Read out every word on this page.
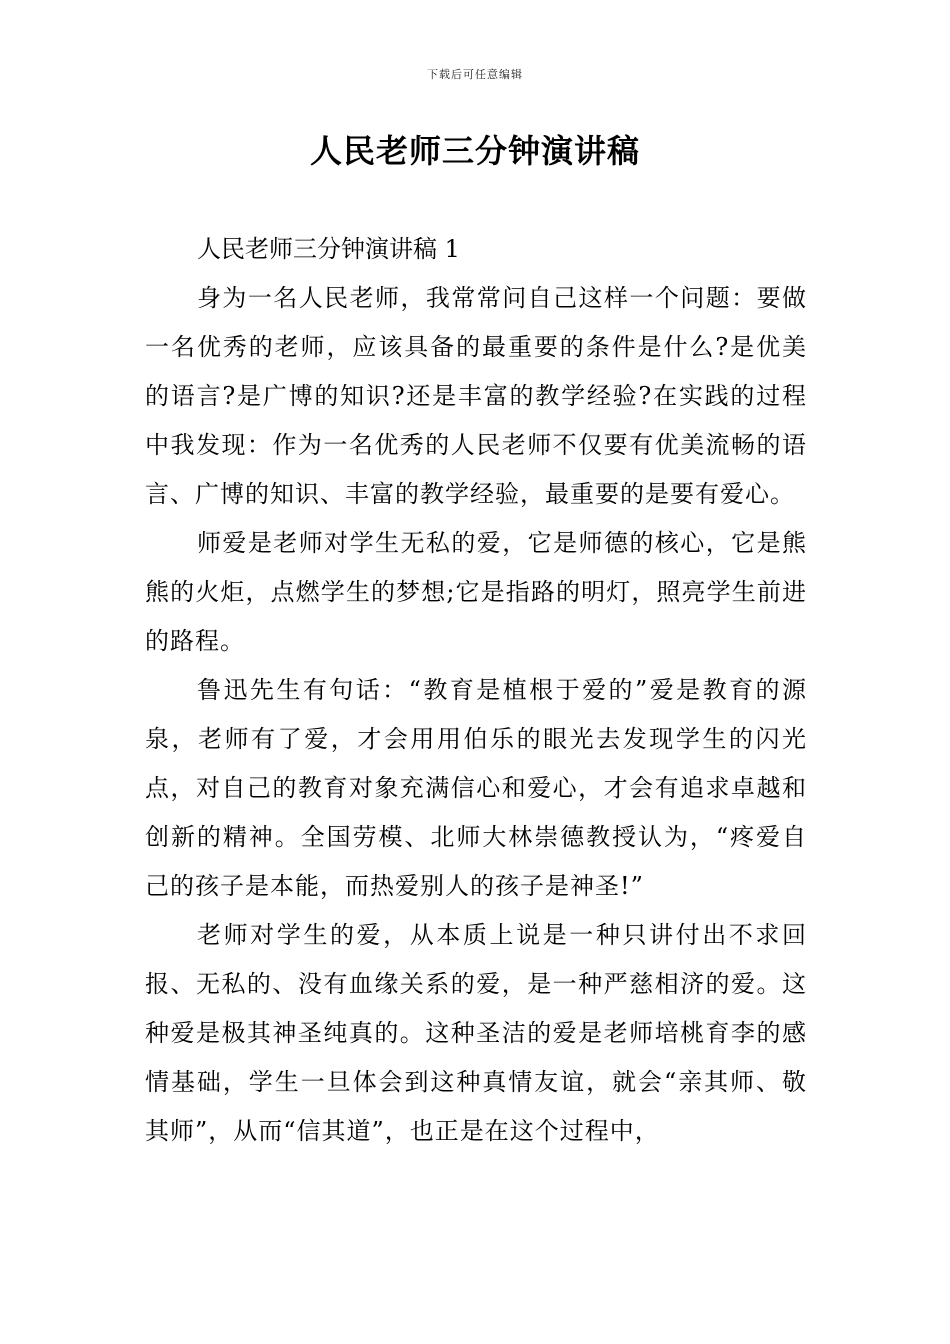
下载后可任意编辑
人民老师三分钟演讲稿

人民老师三分钟演讲稿 1

身为一名人民老师，我常常问自己这样一个问题：要做一名优秀的老师，应该具备的最重要的条件是什么?是优美的语言?是广博的知识?还是丰富的教学经验?在实践的过程中我发现：作为一名优秀的人民老师不仅要有优美流畅的语言、广博的知识、丰富的教学经验，最重要的是要有爱心。

师爱是老师对学生无私的爱，它是师德的核心，它是熊熊的火炬，点燃学生的梦想;它是指路的明灯，照亮学生前进的路程。

鲁迅先生有句话：“教育是植根于爱的”爱是教育的源泉，老师有了爱，才会用用伯乐的眼光去发现学生的闪光点，对自己的教育对象充满信心和爱心，才会有追求卓越和创新的精神。全国劳模、北师大林崇德教授认为，“疼爱自己的孩子是本能，而热爱别人的孩子是神圣!”

老师对学生的爱，从本质上说是一种只讲付出不求回报、无私的、没有血缘关系的爱，是一种严慈相济的爱。这种爱是极其神圣纯真的。这种圣洁的爱是老师培桃育李的感情基础，学生一旦体会到这种真情友谊，就会“亲其师、敬其师”，从而“信其道”，也正是在这个过程中，
